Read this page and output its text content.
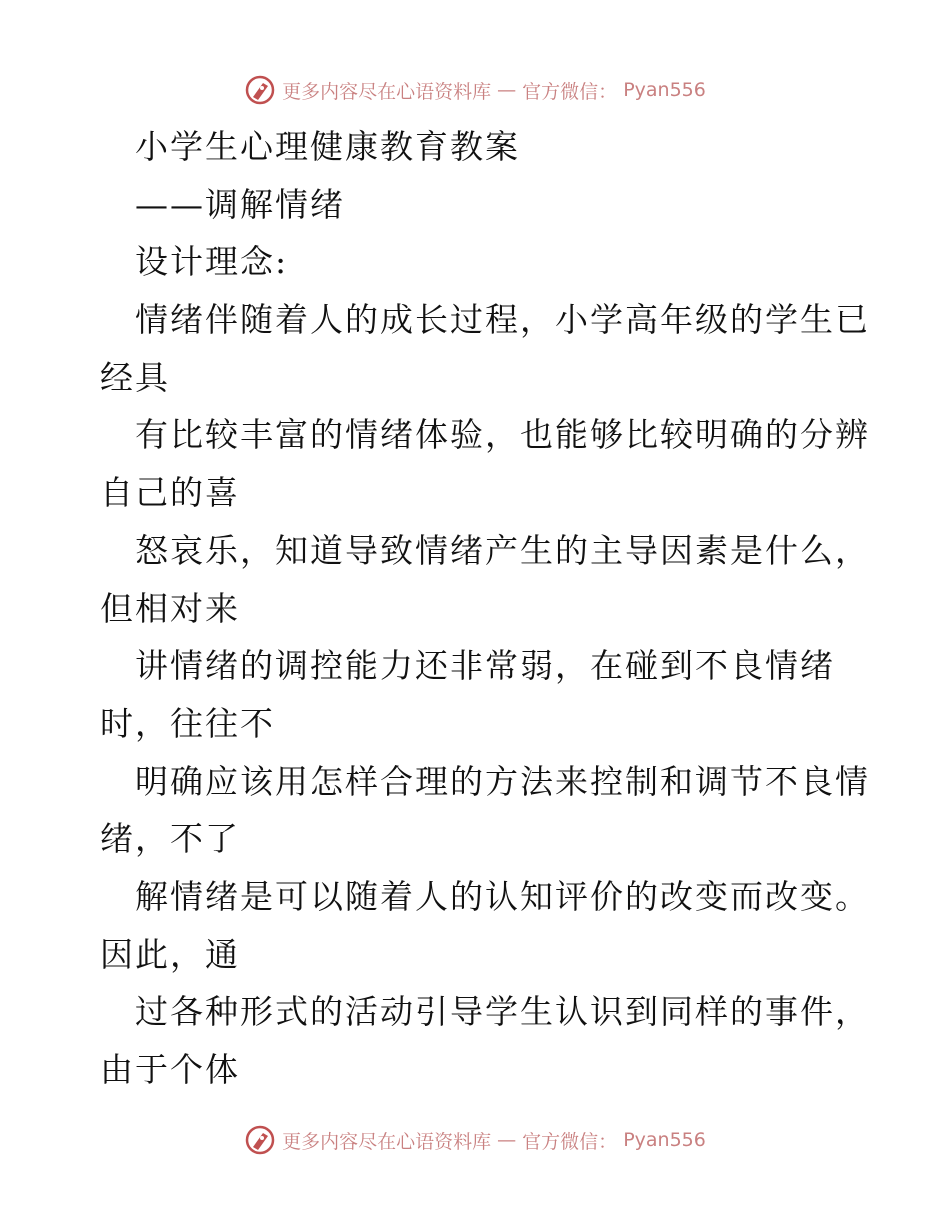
更多内容尽在心语资料库 — 官方微信： Pyan556
小学生心理健康教育教案
——调解情绪
设计理念:
情绪伴随着人的成长过程，小学高年级的学生已
经具
有比较丰富的情绪体验，也能够比较明确的分辨
自己的喜
怒哀乐，知道导致情绪产生的主导因素是什么，
但相对来
讲情绪的调控能力还非常弱，在碰到不良情绪
时，往往不
明确应该用怎样合理的方法来控制和调节不良情
绪，不了
解情绪是可以随着人的认知评价的改变而改变。
因此，通
过各种形式的活动引导学生认识到同样的事件，
由于个体
更多内容尽在心语资料库 — 官方微信： Pyan556
